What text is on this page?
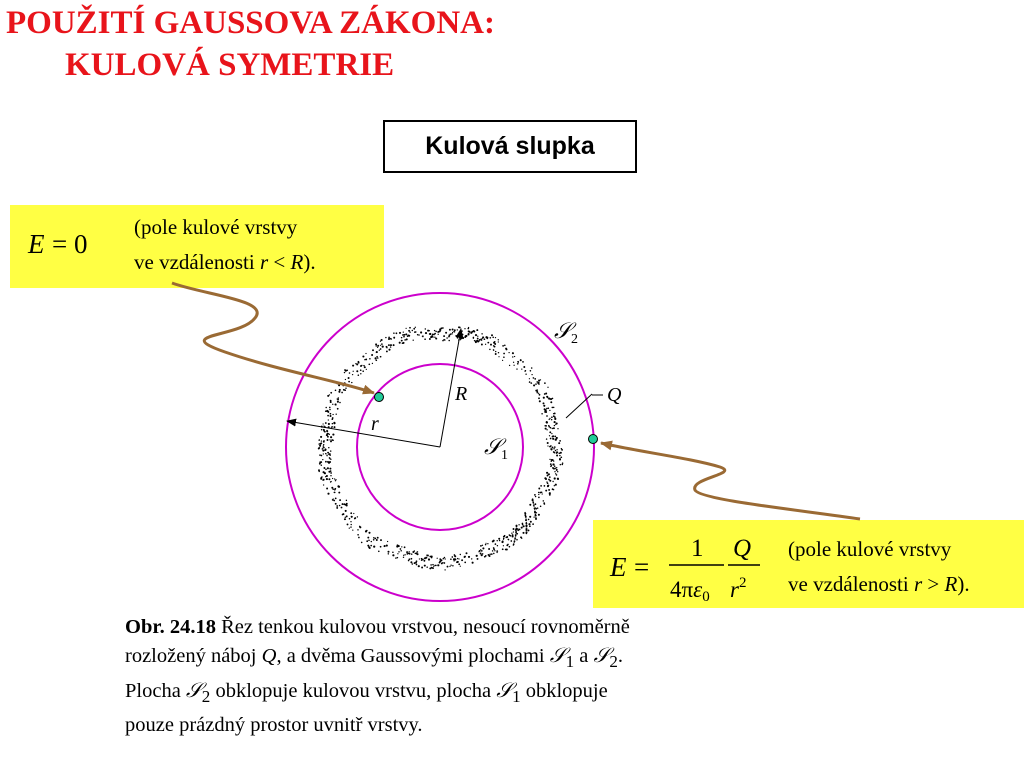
POUŽITÍ GAUSSOVA ZÁKONA:
KULOVÁ SYMETRIE
Kulová slupka
E = 0
(pole kulové vrstvy
ve vzdálenosti r < R).
E =
1
4πε0
Q
$r^2$
(pole kulové vrstvy
ve vzdálenosti r > R).
𝒮$_2$
𝒮$_1$
R
r
Q
Obr. 24.18 Řez tenkou kulovou vrstvou, nesoucí rovnoměrně
rozložený náboj Q, a dvěma Gaussovými plochami 𝒮$_1$ a 𝒮$_2$.
Plocha 𝒮$_2$ obklopuje kulovou vrstvu, plocha 𝒮$_1$ obklopuje
pouze prázdný prostor uvnitř vrstvy.
